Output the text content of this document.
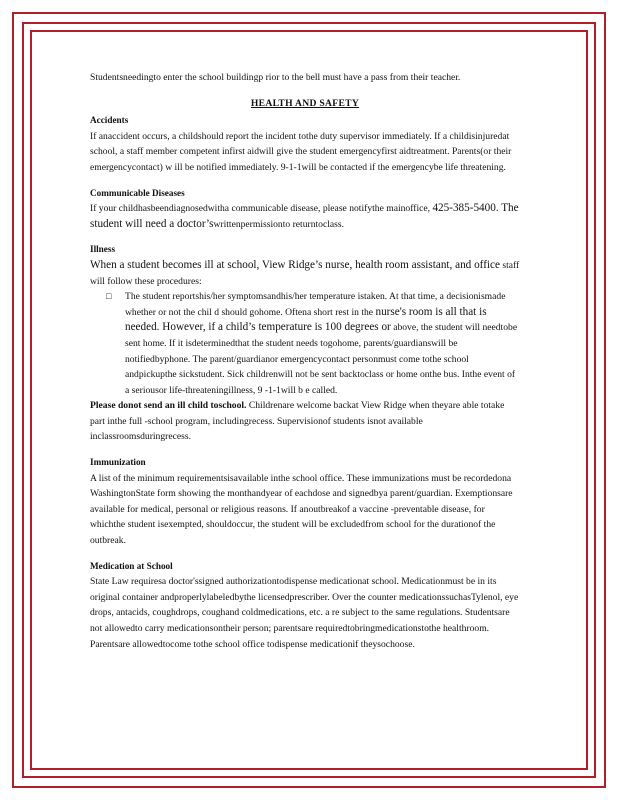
Studentsneedingto enter the school buildingp rior to the bell must have a pass from their teacher.

HEALTH AND SAFETY

Accidents

If anaccident occurs, a childshould report the incident tothe duty supervisor immediately. If a childisinjuredat school, a staff member competent infirst aidwill give the student emergencyfirst aidtreatment. Parents(or their emergencycontact) w ill be notified immediately. 9-1-1will be contacted if the emergencybe life threatening.

Communicable Diseases

If your childhasbeendiagnosedwitha communicable disease, please notifythe mainoffice, 425-385-5400. The student will need a doctor’swrittenpermissionto returntoclass.

Illness

When a student becomes ill at school, View Ridge’s nurse, health room assistant, and office staff will follow these procedures:

□ The student reportshis/her symptomsandhis/her temperature istaken. At that time, a decisionismade whether or not the chil d should gohome. Oftena short rest in the nurse's room is all that is needed. However, if a child’s temperature is 100 degrees or above, the student will needtobe sent home. If it isdeterminedthat the student needs togohome, parents/guardianswill be notifiedbyphone. The parent/guardianor emergencycontact personmust come tothe school andpickupthe sickstudent. Sick childrenwill not be sent backtoclass or home onthe bus. Inthe event of a seriousor life-threateningillness, 9 -1-1will b e called.

Please donot send an ill child toschool. Childrenare welcome backat View Ridge when theyare able totake part inthe full -school program, includingrecess. Supervisionof students isnot available inclassroomsduringrecess.

Immunization

A list of the minimum requirementsisavailable inthe school office. These immunizations must be recordedona WashingtonState form showing the monthandyear of eachdose and signedbya parent/guardian. Exemptionsare available for medical, personal or religious reasons. If anoutbreakof a vaccine -preventable disease, for whichthe student isexempted, shouldoccur, the student will be excludedfrom school for the durationof the outbreak.

Medication at School

State Law requiresa doctor'ssigned authorizationtodispense medicationat school. Medicationmust be in its original container andproperlylabeledbythe licensedprescriber. Over the counter medicationssuchasTylenol, eye drops, antacids, coughdrops, coughand coldmedications, etc. a re subject to the same regulations. Studentsare not allowedto carry medicationsontheir person; parentsare requiredtobringmedicationstothe healthroom. Parentsare allowedtocome tothe school office todispense medicationif theysochoose.
